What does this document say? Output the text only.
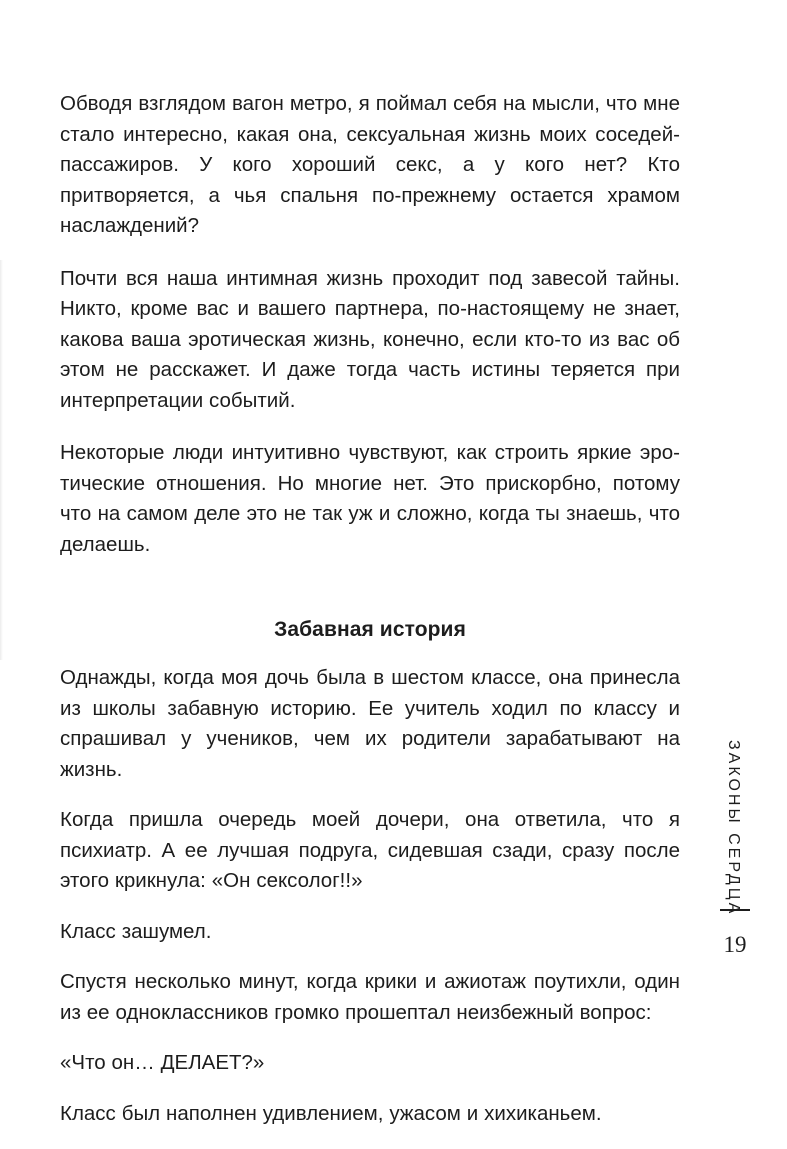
Обводя взглядом вагон метро, я поймал себя на мысли, что мне стало интересно, какая она, сексуальная жизнь моих соседей-пассажиров. У кого хороший секс, а у кого нет? Кто притворяется, а чья спальня по-прежнему остается храмом наслаждений?

Почти вся наша интимная жизнь проходит под завесой тайны. Никто, кроме вас и вашего партнера, по-настоящему не знает, какова ваша эротическая жизнь, конечно, если кто-то из вас об этом не расскажет. И даже тогда часть истины теряется при интерпретации событий.

Некоторые люди интуитивно чувствуют, как строить яркие эротические отношения. Но многие нет. Это прискорбно, потому что на самом деле это не так уж и сложно, когда ты знаешь, что делаешь.

Забавная история

Однажды, когда моя дочь была в шестом классе, она принесла из школы забавную историю. Ее учитель ходил по классу и спрашивал у учеников, чем их родители зарабатывают на жизнь.

Когда пришла очередь моей дочери, она ответила, что я психиатр. А ее лучшая подруга, сидевшая сзади, сразу после этого крикнула: «Он сексолог!!»

Класс зашумел.

Спустя несколько минут, когда крики и ажиотаж поутихли, один из ее одноклассников громко прошептал неизбежный вопрос:

«Что он… ДЕЛАЕТ?»

Класс был наполнен удивлением, ужасом и хихиканьем.

ЗАКОНЫ СЕРДЦА
19
